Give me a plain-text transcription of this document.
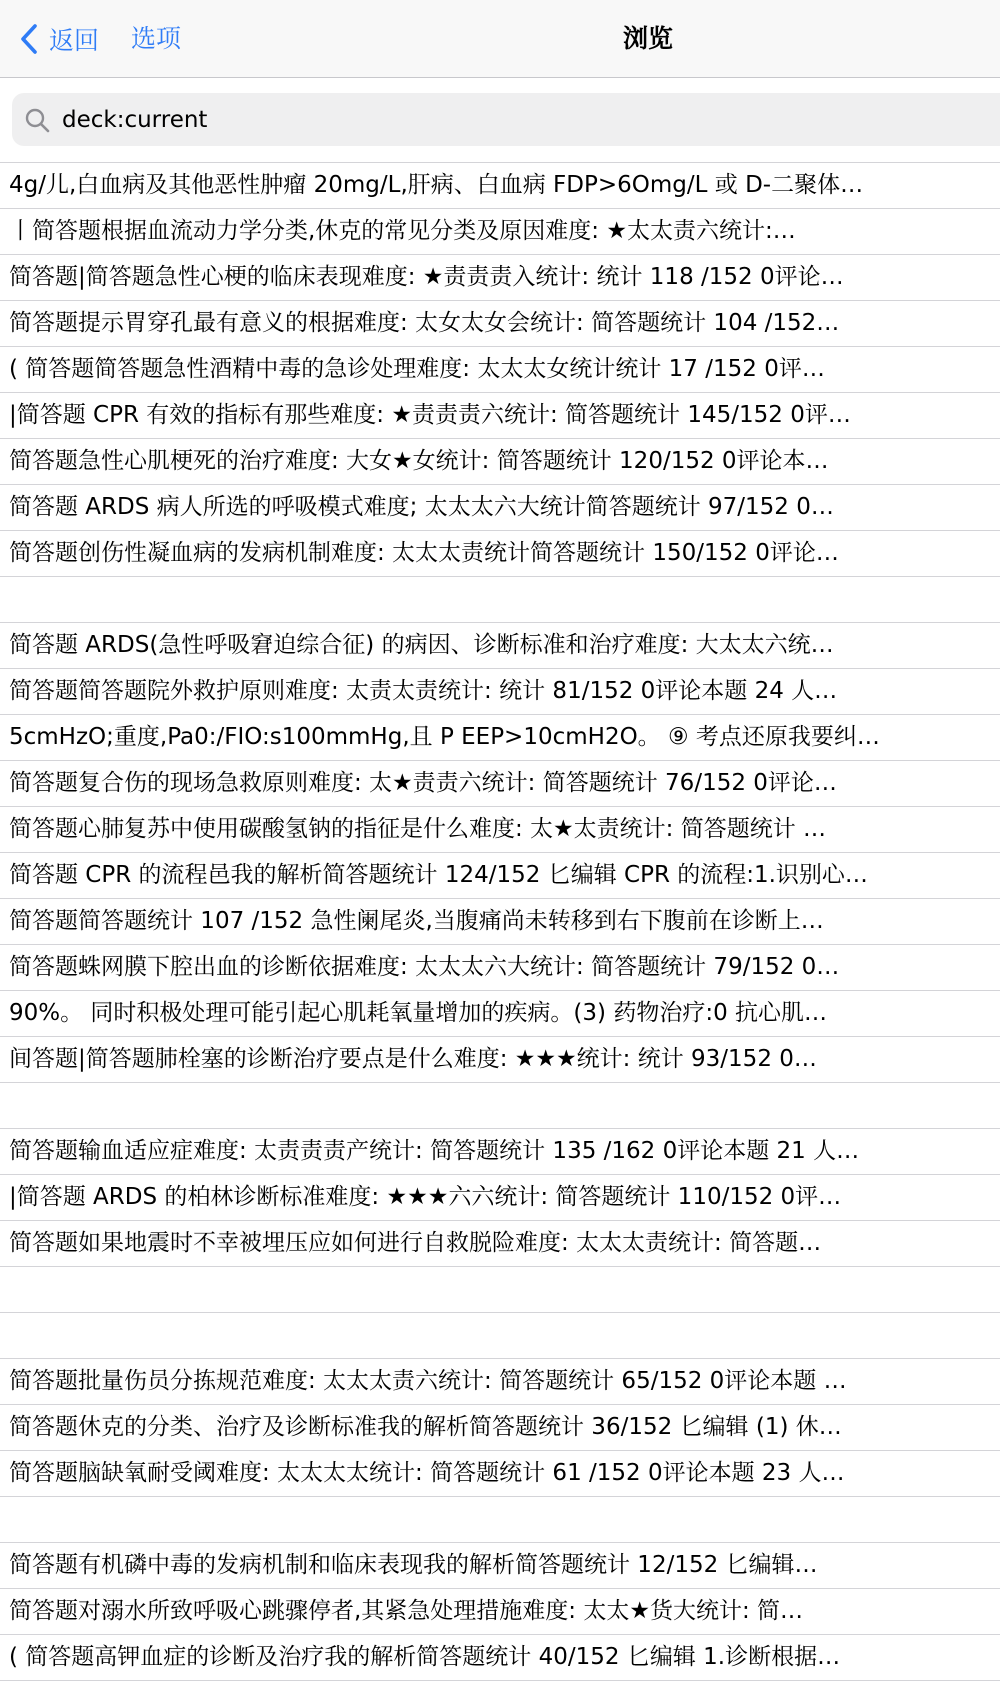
返回 选项	浏览
deck:current
4g/儿,白血病及其他恶性肿瘤 20mg/L,肝病、白血病 FDP>6Omg/L 或 D-二聚体…
丨简答题根据血流动力学分类,休克的常见分类及原因难度: ★太太责六统计:…
简答题|简答题急性心梗的临床表现难度: ★责责责入统计: 统计 118 /152 0评论…
简答题提示胃穿孔最有意义的根据难度: 太女太女会统计: 简答题统计 104 /152…
( 简答题简答题急性酒精中毒的急诊处理难度: 太太太女统计统计 17 /152 0评…
|简答题 CPR 有效的指标有那些难度: ★责责责六统计: 简答题统计 145/152 0评…
简答题急性心肌梗死的治疗难度: 大女★女统计: 简答题统计 120/152 0评论本…
简答题 ARDS 病人所选的呼吸模式难度; 太太太六大统计简答题统计 97/152 0…
简答题创伤性凝血病的发病机制难度: 太太太责统计简答题统计 150/152 0评论…
简答题 ARDS(急性呼吸窘迫综合征) 的病因、诊断标准和治疗难度: 大太太六统…
简答题简答题院外救护原则难度: 太责太责统计: 统计 81/152 0评论本题 24 人…
5cmHzO;重度,Pa0:/FIO:s100mmHg,且 P EEP>10cmH2O。 ⑨ 考点还原我要纠…
简答题复合伤的现场急救原则难度: 太★责责六统计: 简答题统计 76/152 0评论…
简答题心肺复苏中使用碳酸氢钠的指征是什么难度: 太★太责统计: 简答题统计 …
简答题 CPR 的流程邑我的解析简答题统计 124/152 匕编辑 CPR 的流程:1.识别心…
简答题简答题统计 107 /152 急性阑尾炎,当腹痛尚未转移到右下腹前在诊断上…
简答题蛛网膜下腔出血的诊断依据难度: 太太太六大统计: 简答题统计 79/152 0…
90%。 同时积极处理可能引起心肌耗氧量增加的疾病。(3) 药物治疗:0 抗心肌…
间答题|简答题肺栓塞的诊断治疗要点是什么难度: ★★★统计: 统计 93/152 0…
简答题输血适应症难度: 太责责责产统计: 简答题统计 135 /162 0评论本题 21 人…
|简答题 ARDS 的柏林诊断标准难度: ★★★六六统计: 简答题统计 110/152 0评…
简答题如果地震时不幸被埋压应如何进行自救脱险难度: 太太太责统计: 简答题…
简答题批量伤员分拣规范难度: 太太太责六统计: 简答题统计 65/152 0评论本题 …
简答题休克的分类、治疗及诊断标准我的解析简答题统计 36/152 匕编辑 (1) 休…
简答题脑缺氧耐受阈难度: 太太太太统计: 简答题统计 61 /152 0评论本题 23 人…
简答题有机磷中毒的发病机制和临床表现我的解析简答题统计 12/152 匕编辑…
简答题对溺水所致呼吸心跳骤停者,其紧急处理措施难度: 太太★货大统计: 简…
( 简答题高钾血症的诊断及治疗我的解析简答题统计 40/152 匕编辑 1.诊断根据…
